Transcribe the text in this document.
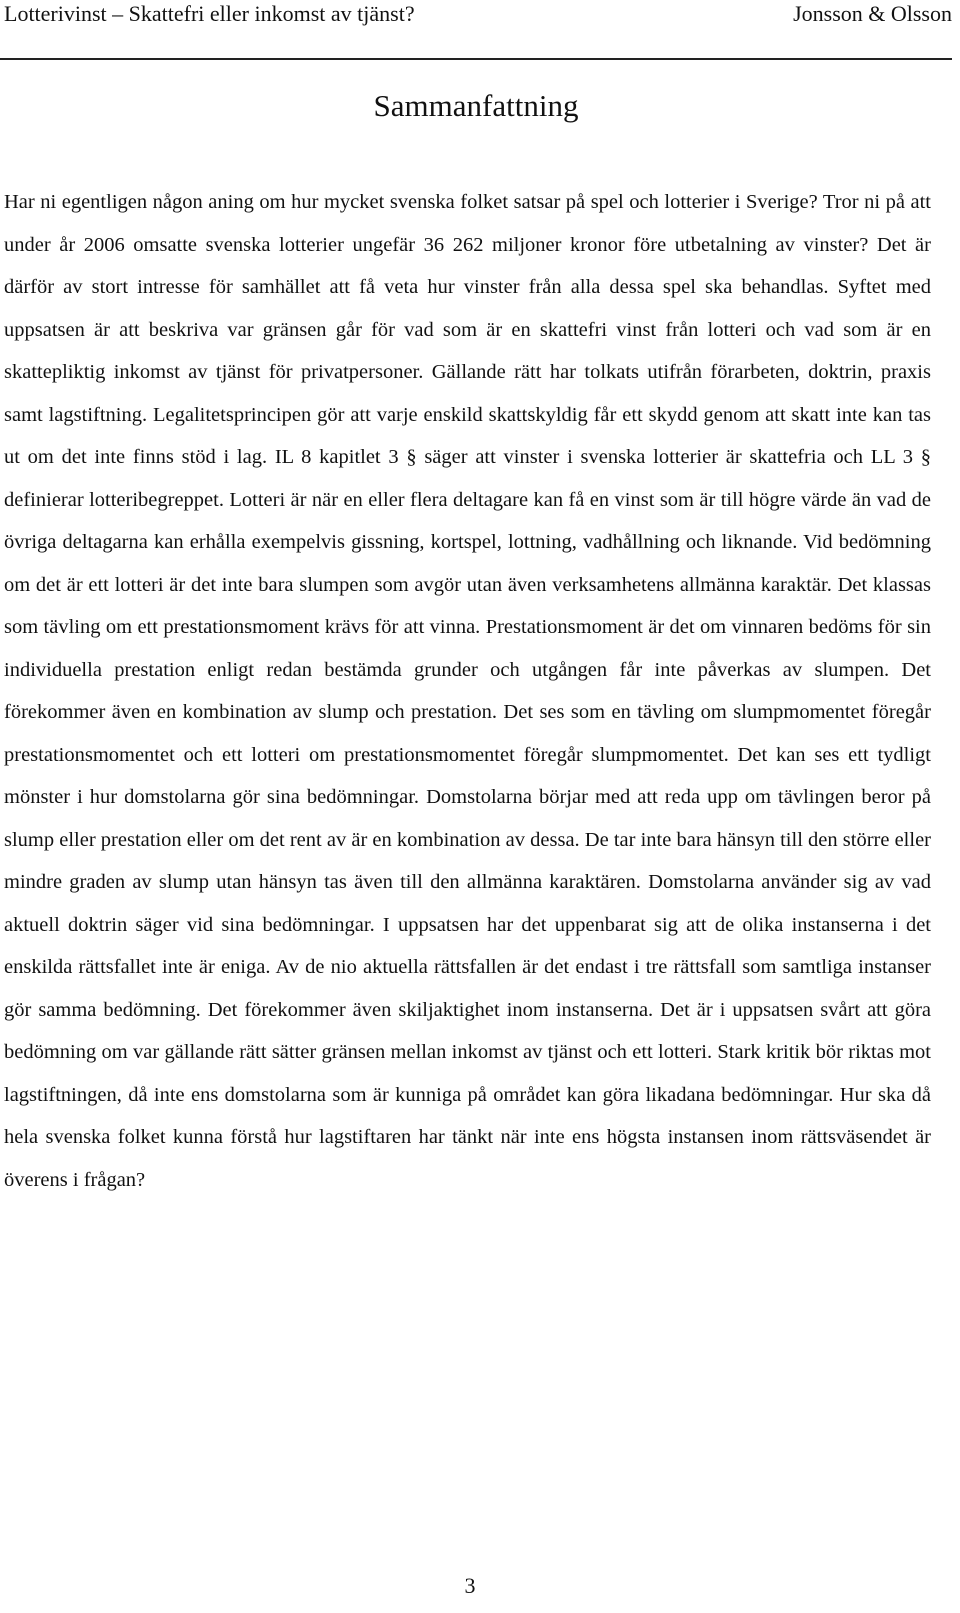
Lotterivinst – Skattefri eller inkomst av tjänst?	Jonsson & Olsson
Sammanfattning

Har ni egentligen någon aning om hur mycket svenska folket satsar på spel och lotterier i Sverige? Tror ni på att under år 2006 omsatte svenska lotterier ungefär 36 262 miljoner kronor före utbetalning av vinster? Det är därför av stort intresse för samhället att få veta hur vinster från alla dessa spel ska behandlas. Syftet med uppsatsen är att beskriva var gränsen går för vad som är en skattefri vinst från lotteri och vad som är en skattepliktig inkomst av tjänst för privatpersoner. Gällande rätt har tolkats utifrån förarbeten, doktrin, praxis samt lagstiftning. Legalitetsprincipen gör att varje enskild skattskyldig får ett skydd genom att skatt inte kan tas ut om det inte finns stöd i lag. IL 8 kapitlet 3 § säger att vinster i svenska lotterier är skattefria och LL 3 § definierar lotteribegreppet. Lotteri är när en eller flera deltagare kan få en vinst som är till högre värde än vad de övriga deltagarna kan erhålla exempelvis gissning, kortspel, lottning, vadhållning och liknande. Vid bedömning om det är ett lotteri är det inte bara slumpen som avgör utan även verksamhetens allmänna karaktär. Det klassas som tävling om ett prestationsmoment krävs för att vinna. Prestationsmoment är det om vinnaren bedöms för sin individuella prestation enligt redan bestämda grunder och utgången får inte påverkas av slumpen. Det förekommer även en kombination av slump och prestation. Det ses som en tävling om slumpmomentet föregår prestationsmomentet och ett lotteri om prestationsmomentet föregår slumpmomentet. Det kan ses ett tydligt mönster i hur domstolarna gör sina bedömningar. Domstolarna börjar med att reda upp om tävlingen beror på slump eller prestation eller om det rent av är en kombination av dessa. De tar inte bara hänsyn till den större eller mindre graden av slump utan hänsyn tas även till den allmänna karaktären. Domstolarna använder sig av vad aktuell doktrin säger vid sina bedömningar. I uppsatsen har det uppenbarat sig att de olika instanserna i det enskilda rättsfallet inte är eniga. Av de nio aktuella rättsfallen är det endast i tre rättsfall som samtliga instanser gör samma bedömning. Det förekommer även skiljaktighet inom instanserna. Det är i uppsatsen svårt att göra bedömning om var gällande rätt sätter gränsen mellan inkomst av tjänst och ett lotteri. Stark kritik bör riktas mot lagstiftningen, då inte ens domstolarna som är kunniga på området kan göra likadana bedömningar. Hur ska då hela svenska folket kunna förstå hur lagstiftaren har tänkt när inte ens högsta instansen inom rättsväsendet är överens i frågan?

3
